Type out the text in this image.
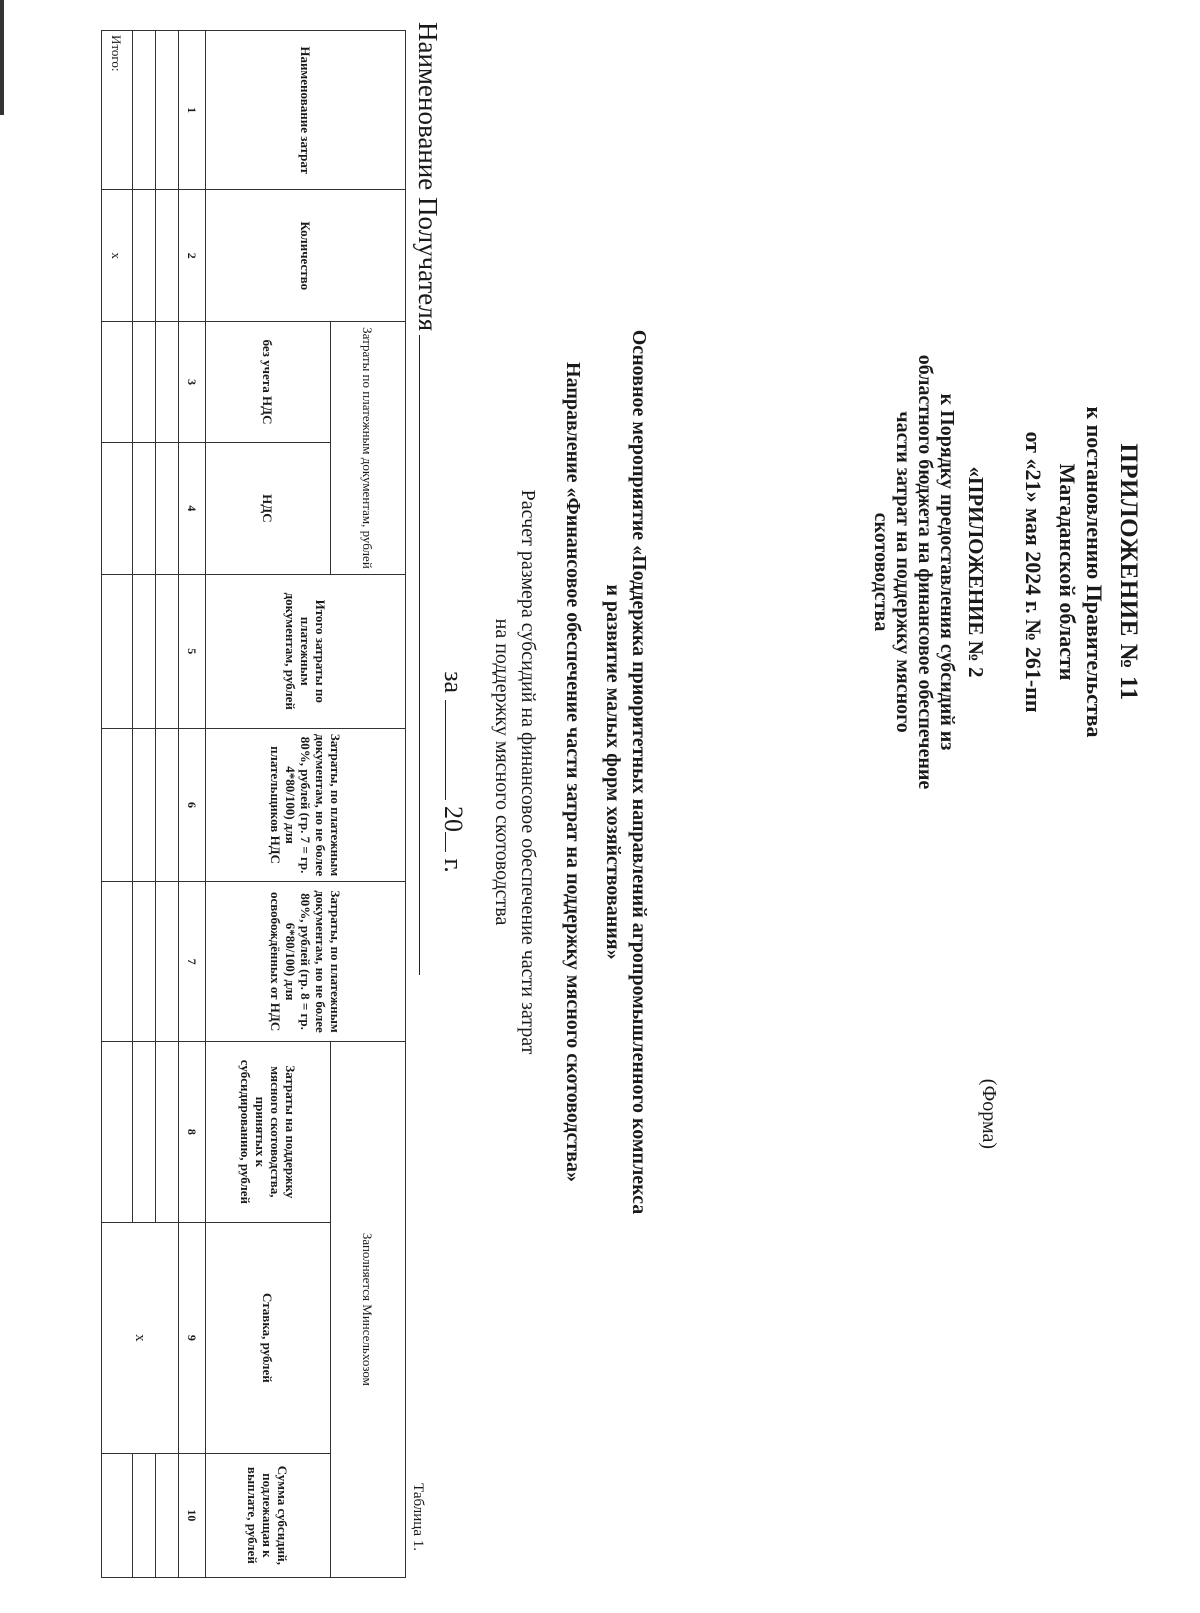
ПРИЛОЖЕНИЕ № 11
к постановлению Правительства
Магаданской области
от «21» мая 2024 г. № 261-пп
«ПРИЛОЖЕНИЕ № 2
к Порядку предоставления субсидий из
областного бюджета на финансовое обеспечение
части затрат на поддержку мясного
скотоводства
(Форма)
Основное мероприятие «Поддержка приоритетных направлений агропромышленного комплекса
и развитие малых форм хозяйствования»
Направление «Финансовое обеспечение части затрат на поддержку мясного скотоводства»
Расчет размера субсидий на финансовое обеспечение части затрат
на поддержку мясного скотоводства
за  20 г.
Наименование Получателя
Таблица 1.
Наименование затрат	Количество	Затраты по платежным документам, рублей		Итого затраты по платежным документам, рублей	Затраты, по платежным документам, но не более 80%, рублей (гр. 7 = гр. 4*80/100) для плательщиков НДС	Затраты, по платежным документам, но не более 80%, рублей (гр. 8 = гр. 6*80/100) для освобождённых от НДС	Заполняется Минсельхозом		
		без учета НДС	НДС				Затраты на поддержку мясного скотоводства, принятых к субсидированию, рублей	Ставка, рублей	Сумма субсидий, подлежащая к выплате, рублей
1	2	3	4	5	6	7	8	9	10
								x	

Итого:	x								
